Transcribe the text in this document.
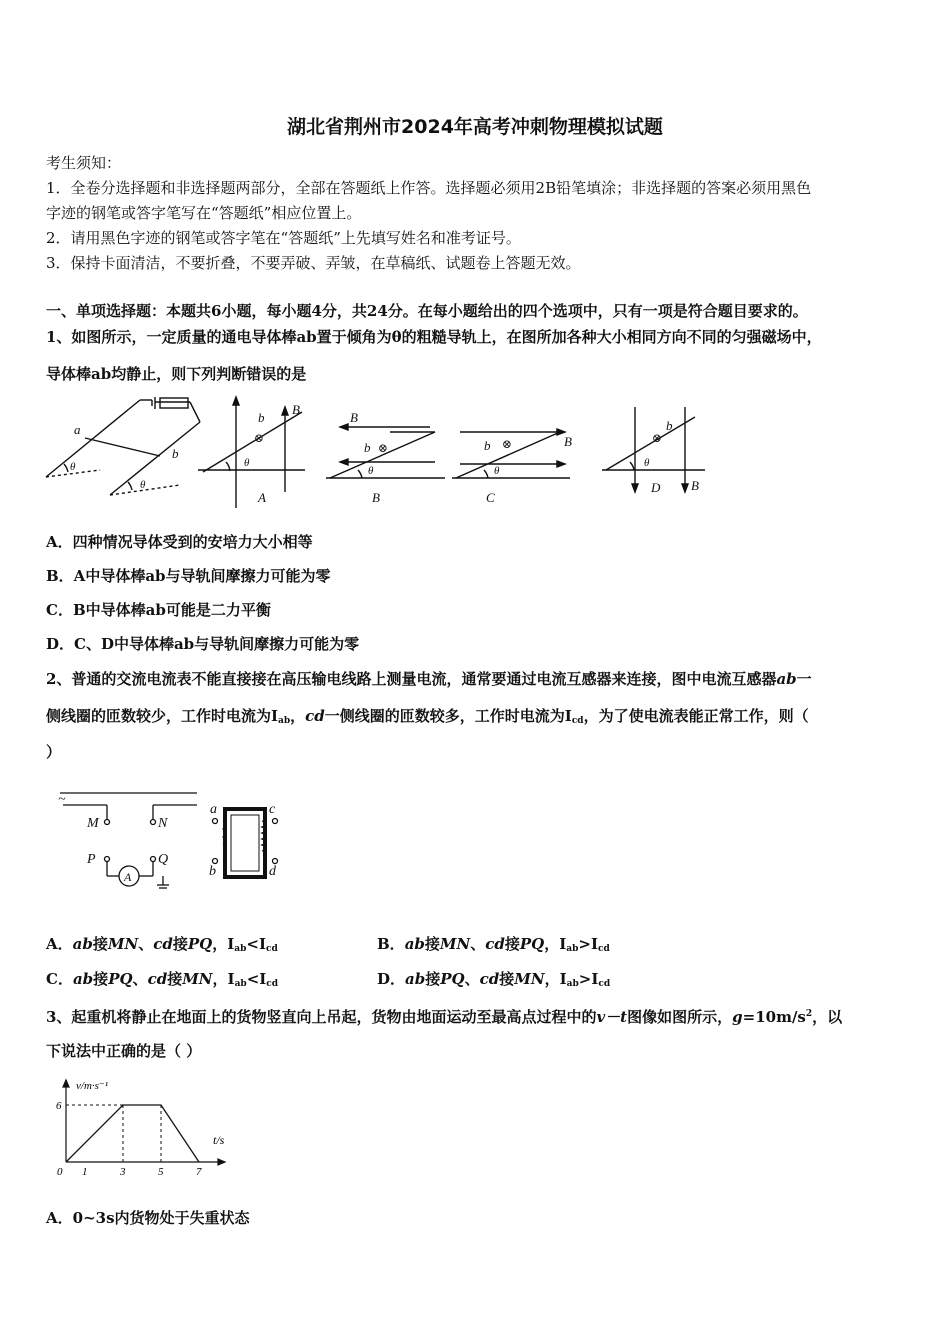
湖北省荆州市2024年高考冲刺物理模拟试题
考生须知：
1．全卷分选择题和非选择题两部分，全部在答题纸上作答。选择题必须用2B铅笔填涂；非选择题的答案必须用黑色
字迹的钢笔或答字笔写在“答题纸”相应位置上。
2．请用黑色字迹的钢笔或答字笔在“答题纸”上先填写姓名和准考证号。
3．保持卡面清洁，不要折叠，不要弄破、弄皱，在草稿纸、试题卷上答题无效。
一、单项选择题：本题共6小题，每小题4分，共24分。在每小题给出的四个选项中，只有一项是符合题目要求的。
1、如图所示，一定质量的通电导体棒ab置于倾角为θ的粗糙导轨上，在图所加各种大小相同方向不同的匀强磁场中，
导体棒ab均静止，则下列判断错误的是
a
b
θ
θ
b
⊗
B
θ
A
B
b ⊗
θ
B
b ⊗	B
θ
C
b
⊗
θ
D B
A．四种情况导体受到的安培力大小相等
B．A中导体棒ab与导轨间摩擦力可能为零
C．B中导体棒ab可能是二力平衡
D．C、D中导体棒ab与导轨间摩擦力可能为零
2、普通的交流电流表不能直接接在高压输电线路上测量电流，通常要通过电流互感器来连接，图中电流互感器ab一
侧线圈的匝数较少，工作时电流为$I_{ab}$，cd一侧线圈的匝数较多，工作时电流为$I_{cd}$，为了使电流表能正常工作，则（
）
~
M	N
P	Q
A
a
b
c
d
A．ab接MN、cd接PQ，$I_{ab}<I_{cd}$	B．ab接MN、cd接PQ，$I_{ab}>I_{cd}$
C．ab接PQ、cd接MN，$I_{ab}<I_{cd}$	D．ab接PQ、cd接MN，$I_{ab}>I_{cd}$
3、起重机将静止在地面上的货物竖直向上吊起，货物由地面运动至最高点过程中的v－t图像如图所示，$g=10m/s^2$，以
下说法中正确的是（ ）
0 1	3	5	7
6
v/m·s⁻¹
t/s
A．0~3s内货物处于失重状态
